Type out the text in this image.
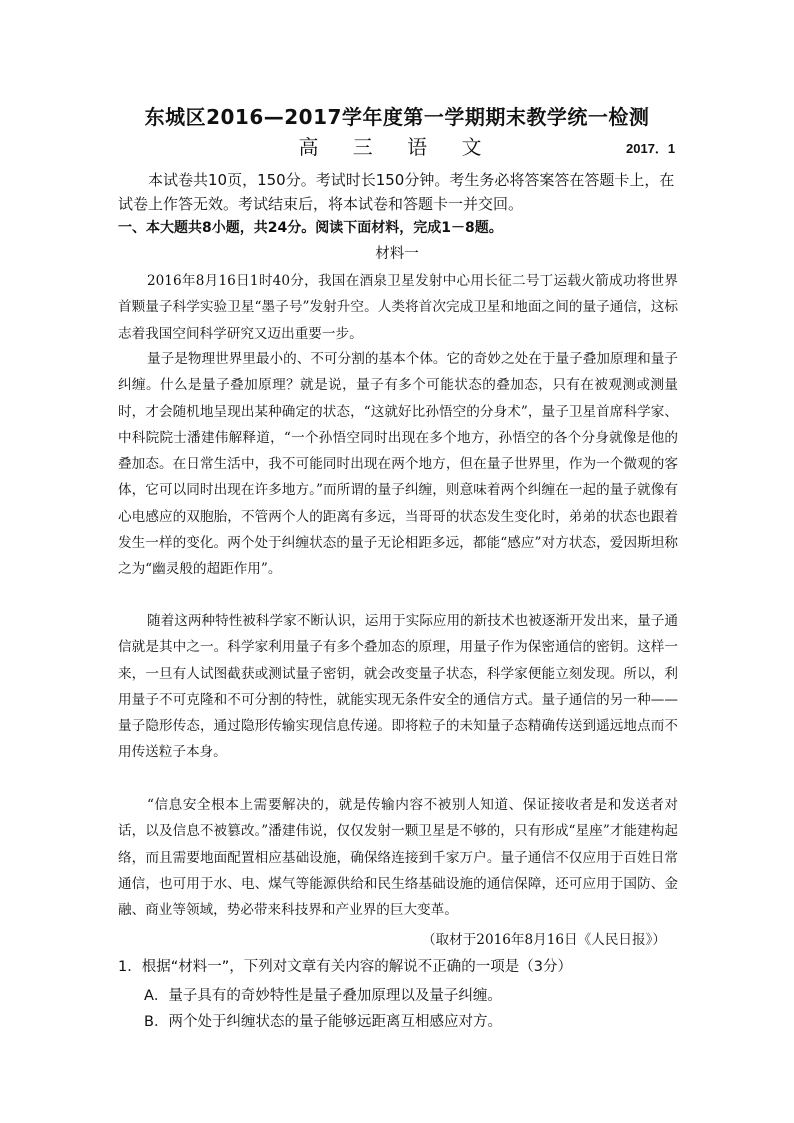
东城区2016—2017学年度第一学期期末教学统一检测
高 三 语 文	2017．1
本试卷共10页，150分。考试时长150分钟。考生务必将答案答在答题卡上，在试卷上作答无效。考试结束后，将本试卷和答题卡一并交回。
一、本大题共8小题，共24分。阅读下面材料，完成1－8题。
材料一

2016年8月16日1时40分，我国在酒泉卫星发射中心用长征二号丁运载火箭成功将世界首颗量子科学实验卫星“墨子号”发射升空。人类将首次完成卫星和地面之间的量子通信，这标志着我国空间科学研究又迈出重要一步。

量子是物理世界里最小的、不可分割的基本个体。它的奇妙之处在于量子叠加原理和量子纠缠。什么是量子叠加原理？就是说，量子有多个可能状态的叠加态，只有在被观测或测量时，才会随机地呈现出某种确定的状态，“这就好比孙悟空的分身术”，量子卫星首席科学家、中科院院士潘建伟解释道，“一个孙悟空同时出现在多个地方，孙悟空的各个分身就像是他的叠加态。在日常生活中，我不可能同时出现在两个地方，但在量子世界里，作为一个微观的客体，它可以同时出现在许多地方。”而所谓的量子纠缠，则意味着两个纠缠在一起的量子就像有心电感应的双胞胎，不管两个人的距离有多远，当哥哥的状态发生变化时，弟弟的状态也跟着发生一样的变化。两个处于纠缠状态的量子无论相距多远，都能“感应”对方状态，爱因斯坦称之为“幽灵般的超距作用”。

随着这两种特性被科学家不断认识，运用于实际应用的新技术也被逐渐开发出来，量子通信就是其中之一。科学家利用量子有多个叠加态的原理，用量子作为保密通信的密钥。这样一来，一旦有人试图截获或测试量子密钥，就会改变量子状态，科学家便能立刻发现。所以，利用量子不可克隆和不可分割的特性，就能实现无条件安全的通信方式。量子通信的另一种——量子隐形传态，通过隐形传输实现信息传递。即将粒子的未知量子态精确传送到遥远地点而不用传送粒子本身。

“信息安全根本上需要解决的，就是传输内容不被别人知道、保证接收者是和发送者对话，以及信息不被篡改。”潘建伟说，仅仅发射一颗卫星是不够的，只有形成“星座”才能建构起络，而且需要地面配置相应基础设施，确保络连接到千家万户。量子通信不仅应用于百姓日常通信，也可用于水、电、煤气等能源供给和民生络基础设施的通信保障，还可应用于国防、金融、商业等领域，势必带来科技界和产业界的巨大变革。

（取材于2016年8月16日《人民日报》）
1．根据“材料一”，下列对文章有关内容的解说不正确的一项是（3分）
A．量子具有的奇妙特性是量子叠加原理以及量子纠缠。
B．两个处于纠缠状态的量子能够远距离互相感应对方。
